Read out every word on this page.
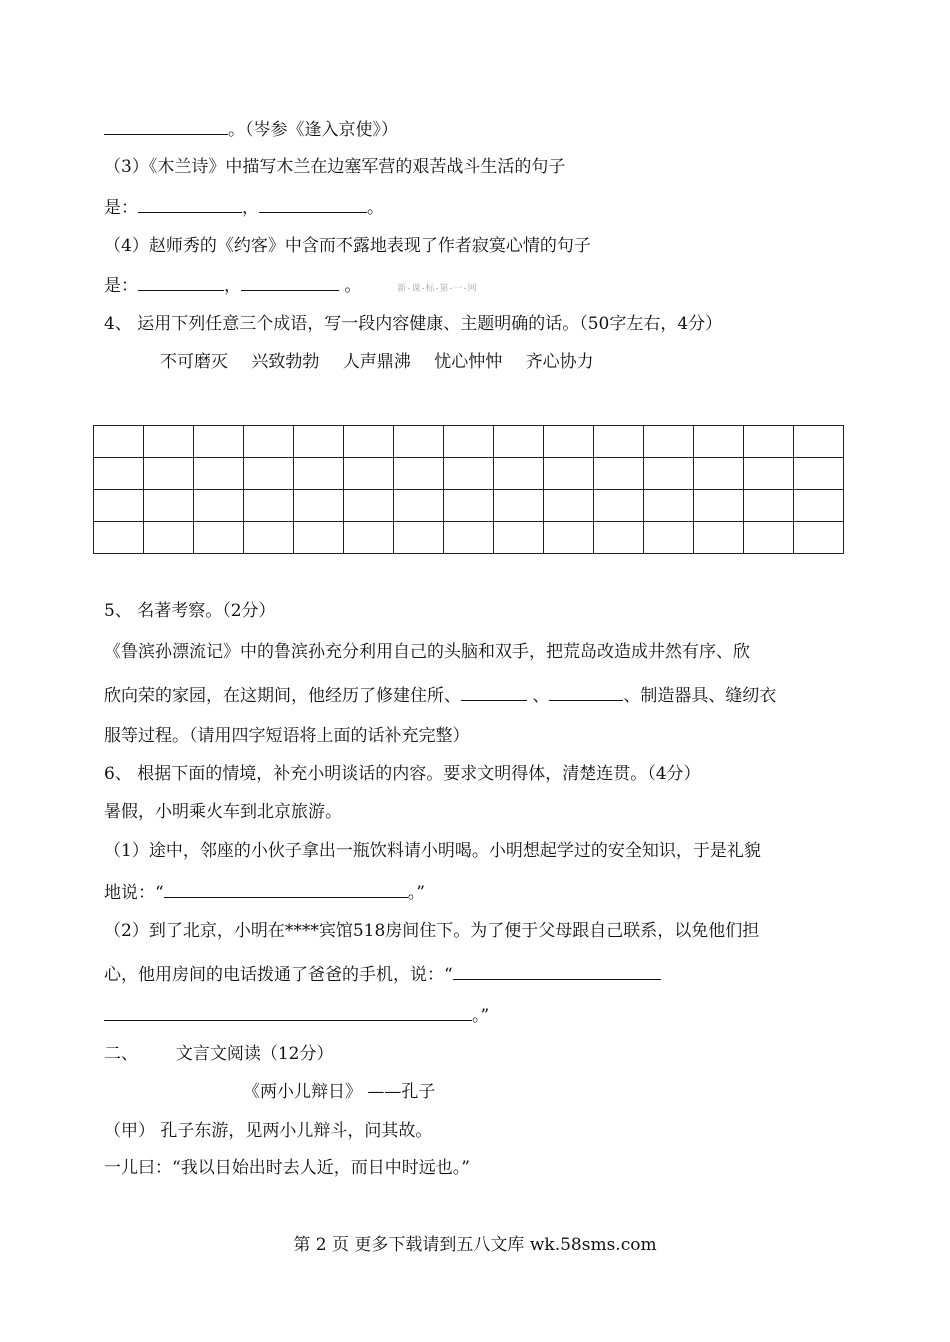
。（岑参《逢入京使》）
（3）《木兰诗》中描写木兰在边塞军营的艰苦战斗生活的句子
是：	，	。
（4）赵师秀的《约客》中含而不露地表现了作者寂寞心情的句子
是：	，	。	新-课-标-第-一-网
4、 运用下列任意三个成语，写一段内容健康、主题明确的话。（50字左右，4分）
不可磨灭 兴致勃勃 人声鼎沸 忧心忡忡 齐心协力

5、 名著考察。（2分）
《鲁滨孙漂流记》中的鲁滨孙充分利用自己的头脑和双手，把荒岛改造成井然有序、欣
欣向荣的家园，在这期间，他经历了修建住所、	、	、制造器具、缝纫衣
服等过程。（请用四字短语将上面的话补充完整）
6、 根据下面的情境，补充小明谈话的内容。要求文明得体，清楚连贯。（4分）
暑假，小明乘火车到北京旅游。
（1）途中，邻座的小伙子拿出一瓶饮料请小明喝。小明想起学过的安全知识，于是礼貌
地说：“	。”
（2）到了北京，小明在****宾馆518房间住下。为了便于父母跟自己联系，以免他们担
心，他用房间的电话拨通了爸爸的手机，说：“
。”
二、       文言文阅读（12分）
《两小儿辩日》 ——孔子
（甲） 孔子东游，见两小儿辩斗，问其故。
一儿曰：“我以日始出时去人近，而日中时远也。”
第 2 页 更多下载请到五八文库 wk.58sms.com
